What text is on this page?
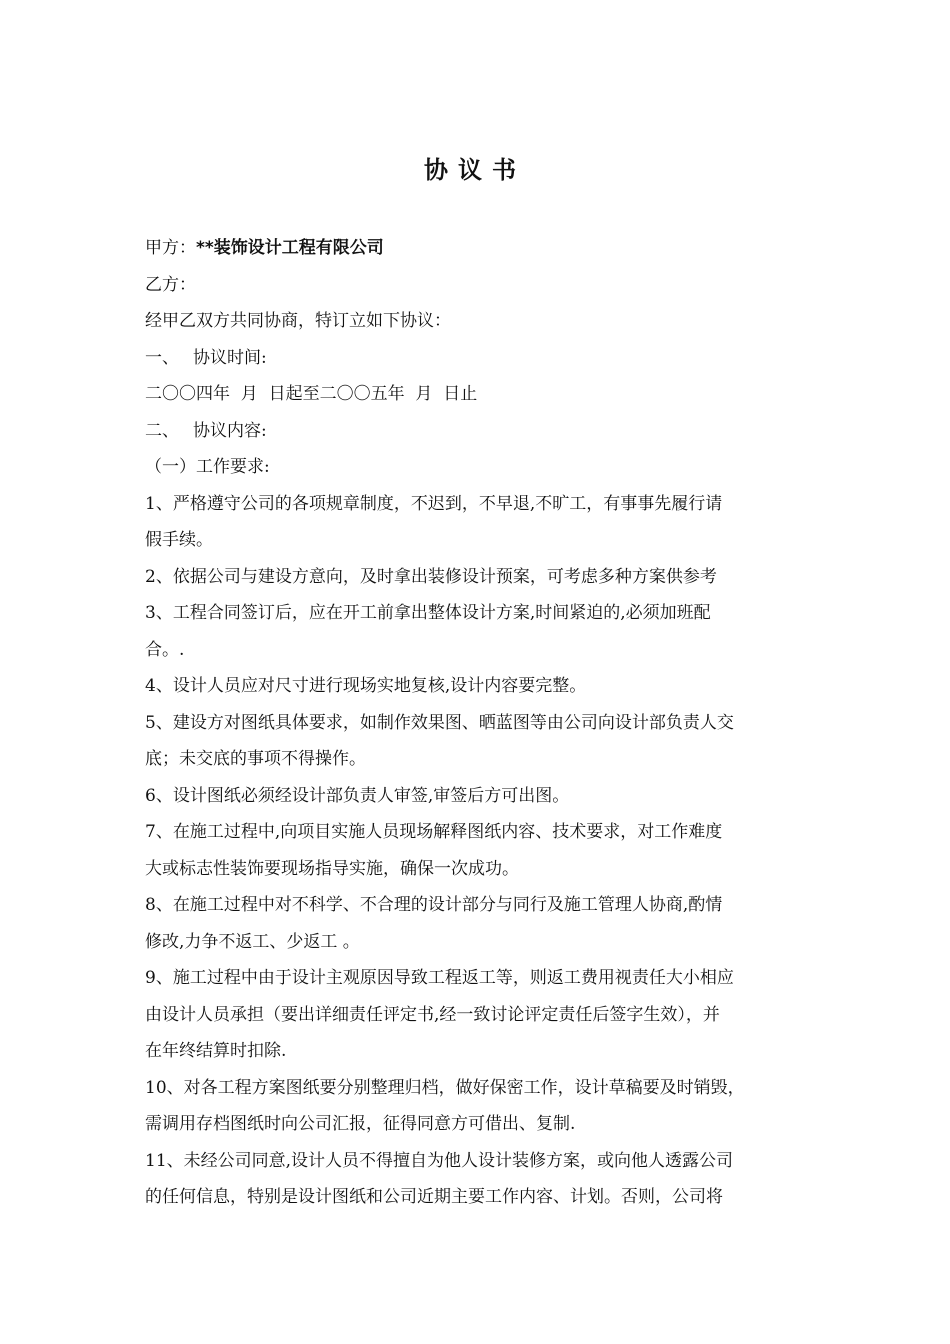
协议书
甲方：**装饰设计工程有限公司
乙方：
经甲乙双方共同协商，特订立如下协议：
一、 协议时间:
二〇〇四年  月  日起至二〇〇五年  月  日止
二、 协议内容:
（一）工作要求:
1、严格遵守公司的各项规章制度，不迟到，不早退,不旷工，有事事先履行请
假手续。
2、依据公司与建设方意向，及时拿出装修设计预案，可考虑多种方案供参考
3、工程合同签订后，应在开工前拿出整体设计方案,时间紧迫的,必须加班配
合。.
4、设计人员应对尺寸进行现场实地复核,设计内容要完整。
5、建设方对图纸具体要求，如制作效果图、晒蓝图等由公司向设计部负责人交
底；未交底的事项不得操作。
6、设计图纸必须经设计部负责人审签,审签后方可出图。
7、在施工过程中,向项目实施人员现场解释图纸内容、技术要求，对工作难度
大或标志性装饰要现场指导实施，确保一次成功。
8、在施工过程中对不科学、不合理的设计部分与同行及施工管理人协商,酌情
修改,力争不返工、少返工 。
9、施工过程中由于设计主观原因导致工程返工等，则返工费用视责任大小相应
由设计人员承担（要出详细责任评定书,经一致讨论评定责任后签字生效），并
在年终结算时扣除.
10、对各工程方案图纸要分别整理归档，做好保密工作，设计草稿要及时销毁，
需调用存档图纸时向公司汇报，征得同意方可借出、复制.
11、未经公司同意,设计人员不得擅自为他人设计装修方案，或向他人透露公司
的任何信息，特别是设计图纸和公司近期主要工作内容、计划。否则，公司将
